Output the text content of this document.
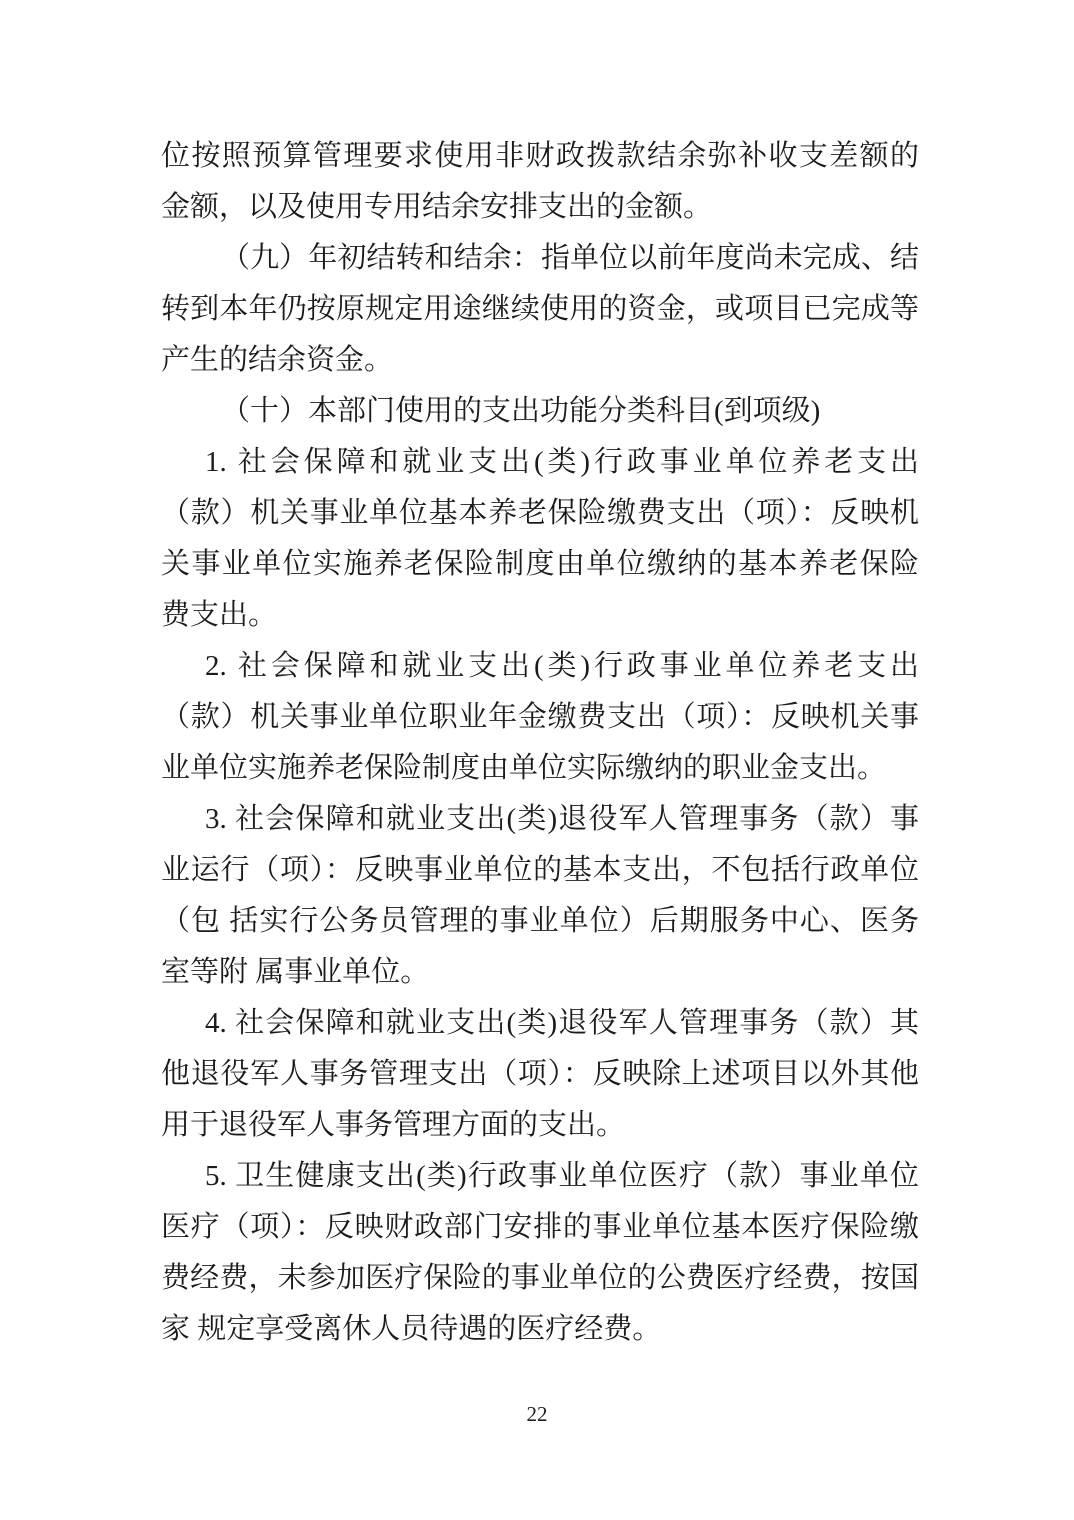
位按照预算管理要求使用非财政拨款结余弥补收支差额的
金额，以及使用专用结余安排支出的金额。
（九）年初结转和结余：指单位以前年度尚未完成、结
转到本年仍按原规定用途继续使用的资金，或项目已完成等
产生的结余资金。
（十）本部门使用的支出功能分类科目(到项级)
1. 社会保障和就业支出(类)行政事业单位养老支出
（款）机关事业单位基本养老保险缴费支出（项）：反映机
关事业单位实施养老保险制度由单位缴纳的基本养老保险
费支出。
2. 社会保障和就业支出(类)行政事业单位养老支出
（款）机关事业单位职业年金缴费支出（项）：反映机关事
业单位实施养老保险制度由单位实际缴纳的职业金支出。
3. 社会保障和就业支出(类)退役军人管理事务（款）事
业运行（项）：反映事业单位的基本支出，不包括行政单位
（包 括实行公务员管理的事业单位）后期服务中心、医务
室等附 属事业单位。
4. 社会保障和就业支出(类)退役军人管理事务（款）其
他退役军人事务管理支出（项）：反映除上述项目以外其他
用于退役军人事务管理方面的支出。
5. 卫生健康支出(类)行政事业单位医疗（款）事业单位
医疗（项）：反映财政部门安排的事业单位基本医疗保险缴
费经费，未参加医疗保险的事业单位的公费医疗经费，按国
家 规定享受离休人员待遇的医疗经费。
22
